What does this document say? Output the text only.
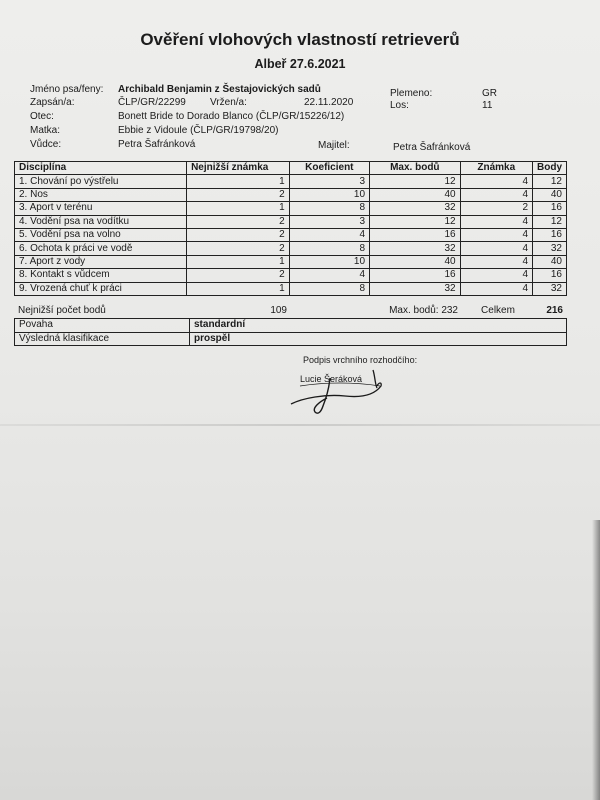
Ověření vlohových vlastností retrieverů
Albeř 27.6.2021
Jméno psa/feny: Archibald Benjamin z Šestajovických sadů	Plemeno:	GR
Zapsán/a:	ČLP/GR/22299 Vržen/a:	22.11.2020	Los:	11
Otec:	Bonett Bride to Dorado Blanco (ČLP/GR/15226/12)
Matka:	Ebbie z Vidoule (ČLP/GR/19798/20)
Vůdce:	Petra Šafránková	Majitel:	Petra Šafránková
Disciplína	Nejnižší známka	Koeficient	Max. bodů	Známka	Body
1. Chování po výstřelu	1	3	12	4	12
2. Nos	2	10	40	4	40
3. Aport v terénu	1	8	32	2	16
4. Vodění psa na vodítku	2	3	12	4	12
5. Vodění psa na volno	2	4	16	4	16
6. Ochota k práci ve vodě	2	8	32	4	32
7. Aport z vody	1	10	40	4	40
8. Kontakt s vůdcem	2	4	16	4	16
9. Vrozená chuť k práci	1	8	32	4	32
Nejnižší počet bodů	109		Max. bodů: 232	Celkem	216
Povaha	standardní
Výsledná klasifikace	prospěl
Podpis vrchního rozhodčího:
Lucie Šeráková
